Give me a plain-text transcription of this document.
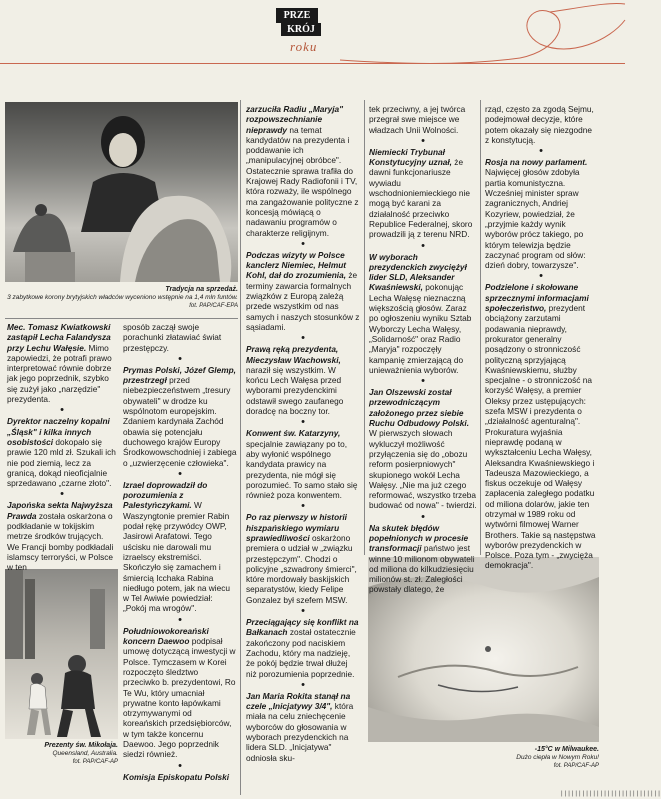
PRZE
KRÓJ
roku
Tradycja na sprzedaż.
3 zabytkowe korony brytyjskich władców wyceniono wstępnie na 1,4 mln funtów.
fot. PAP/CAF-EPA
Prezenty św. Mikołaja.
Queensland, Australia.
fot. PAP/CAF-AP
-15°C w Milwaukee.
Dużo ciepła w Nowym Roku!
fot. PAP/CAF-AP
Mec. Tomasz Kwiatkowski zastąpił Lecha Falandysza przy Lechu Wałęsie. Mimo zapowiedzi, że potrafi prawo interpretować równie dobrze jak jego poprzednik, szybko się zużył jako „narzędzie" prezydenta.
•
Dyrektor naczelny kopalni „Śląsk" i kilka innych osobistości dokopało się prawie 120 mld zł. Szukali ich nie pod ziemią, lecz za granicą, dokąd nieoficjalnie sprzedawano „czarne złoto".
•
Japońska sekta Najwyższa Prawda została oskarżona o podkładanie w tokijskim metrze środków trujących. We Francji bomby podkładali islamscy terroryści, w Polsce w ten
sposób zaczął swoje porachunki złatawiać świat przestępczy.
•
Prymas Polski, Józef Glemp, przestrzegł przed niebezpieczeństwem „tresury obywateli" w drodze ku wspólnotom europejskim. Zdaniem kardynała Zachód obawia się potencjału duchowego krajów Europy Środkowowschodniej i zabiega o „uzwierzęcenie człowieka".
•
Izrael doprowadził do porozumienia z Palestyńczykami. W Waszyngtonie premier Rabin podał rękę przywódcy OWP, Jasirowi Arafatowi. Tego uścisku nie darowali mu izraelscy ekstremiści. Skończyło się zamachem i śmiercią Icchaka Rabina niedługo potem, jak na wiecu w Tel Awiwie powiedział: „Pokój ma wrogów".
•
Południowokoreański koncern Daewoo podpisał umowę dotyczącą inwestycji w Polsce. Tymczasem w Korei rozpoczęto śledztwo przeciwko b. prezydentowi, Ro Te Wu, który umacniał prywatne konto łapówkami otrzymywanymi od koreańskich przedsiębiorców, w tym także koncernu Daewoo. Jego poprzednik siedzi również.
•
Komisja Episkopatu Polski
zarzuciła Radiu „Maryja" rozpowszechnianie nieprawdy na temat kandydatów na prezydenta i poddawanie ich „manipulacyjnej obróbce". Ostatecznie sprawa trafiła do Krajowej Rady Radiofonii i TV, która rozważy, ile wspólnego ma zangażowanie polityczne z koncesją mówiącą o nadawaniu programów o charakterze religijnym.
•
Podczas wizyty w Polsce kanclerz Niemiec, Helmut Kohl, dał do zrozumienia, że terminy zawarcia formalnych związków z Europą zależą przede wszystkim od nas samych i naszych stosunków z sąsiadami.
•
Prawą ręką prezydenta, Mieczysław Wachowski, naraził się wszystkim. W końcu Lech Wałęsa przed wyborami prezydenckimi odstawił swego zaufanego doradcę na boczny tor.
•
Konwent św. Katarzyny, specjalnie zawiązany po to, aby wyłonić wspólnego kandydata prawicy na prezydenta, nie mógł się porozumieć. To samo stało się również poza konwentem.
•
Po raz pierwszy w historii hiszpańskiego wymiaru sprawiedliwości oskarżono premiera o udział w „związku przestępczym". Chodzi o policyjne „szwadrony śmierci", które mordowały baskijskich separatystów, kiedy Felipe Gonzalez był szefem MSW.
•
Przeciągający się konflikt na Bałkanach został ostatecznie zakończony pod naciskiem Zachodu, który ma nadzieję, że pokój będzie trwał dłużej niż porozumienia poprzednie.
•
Jan Maria Rokita stanął na czele „Inicjatywy 3/4", która miała na celu zniechęcenie wyborców do głosowania w wyborach prezydenckich na lidera SLD. „Inicjatywa" odniosła sku-
tek przeciwny, a jej twórca przegrał swe miejsce we władzach Unii Wolności.
•
Niemiecki Trybunał Konstytucyjny uznał, że dawni funkcjonariusze wywiadu wschodnioniemieckiego nie mogą być karani za działalność przeciwko Republice Federalnej, skoro prowadzili ją z terenu NRD.
•
W wyborach prezydenckich zwyciężył lider SLD, Aleksander Kwaśniewski, pokonując Lecha Wałęsę nieznaczną większością głosów. Zaraz po ogłoszeniu wyniku Sztab Wyborczy Lecha Wałęsy, „Solidarność" oraz Radio „Maryja" rozpoczęły kampanię zmierzającą do unieważnienia wyborów.
•
Jan Olszewski został przewodniczącym założonego przez siebie Ruchu Odbudowy Polski. W pierwszych słowach wykluczył możliwość przyłączenia się do „obozu reform posierpniowych" skupionego wokół Lecha Wałęsy. „Nie ma już czego reformować, wszystko trzeba budować od nowa" - twierdzi.
•
Na skutek błędów popełnionych w procesie transformacji państwo jest winne 10 milionom obywateli od miliona do kilkudziesięciu milionów st. zł. Zaległości powstały dlatego, że
rząd, często za zgodą Sejmu, podejmował decyzje, które potem okazały się niezgodne z konstytucją.
•
Rosja na nowy parlament. Najwięcej głosów zdobyła partia komunistyczna. Wcześniej minister spraw zagranicznych, Andriej Kozyriew, powiedział, że „przyjmie każdy wynik wyborów prócz takiego, po którym telewizja będzie zaczynać program od słów: dzień dobry, towarzysze".
•
Podzielone i skołowane sprzecznymi informacjami społeczeństwo, prezydent obciążony zarzutami podawania nieprawdy, prokurator generalny posądzony o stronniczość polityczną sprzyjającą Kwaśniewskiemu, służby specjalne - o stronniczość na korzyść Wałęsy, a premier Oleksy przez ustępujących: szefa MSW i prezydenta o „działalność agenturalną". Prokuratura wyjaśnia nieprawdę podaną w wykształceniu Lecha Wałęsy, Aleksandra Kwaśniewskiego i Tadeusza Mazowieckiego, a fiskus oczekuje od Wałęsy zapłacenia zaległego podatku od miliona dolarów, jakie ten otrzymał w 1989 roku od wytwórni filmowej Warner Brothers. Takie są następstwa wyborów prezydenckich w Polsce. Poza tym - „zwycięża demokracja".
||||||||||||||||||||||||||||
